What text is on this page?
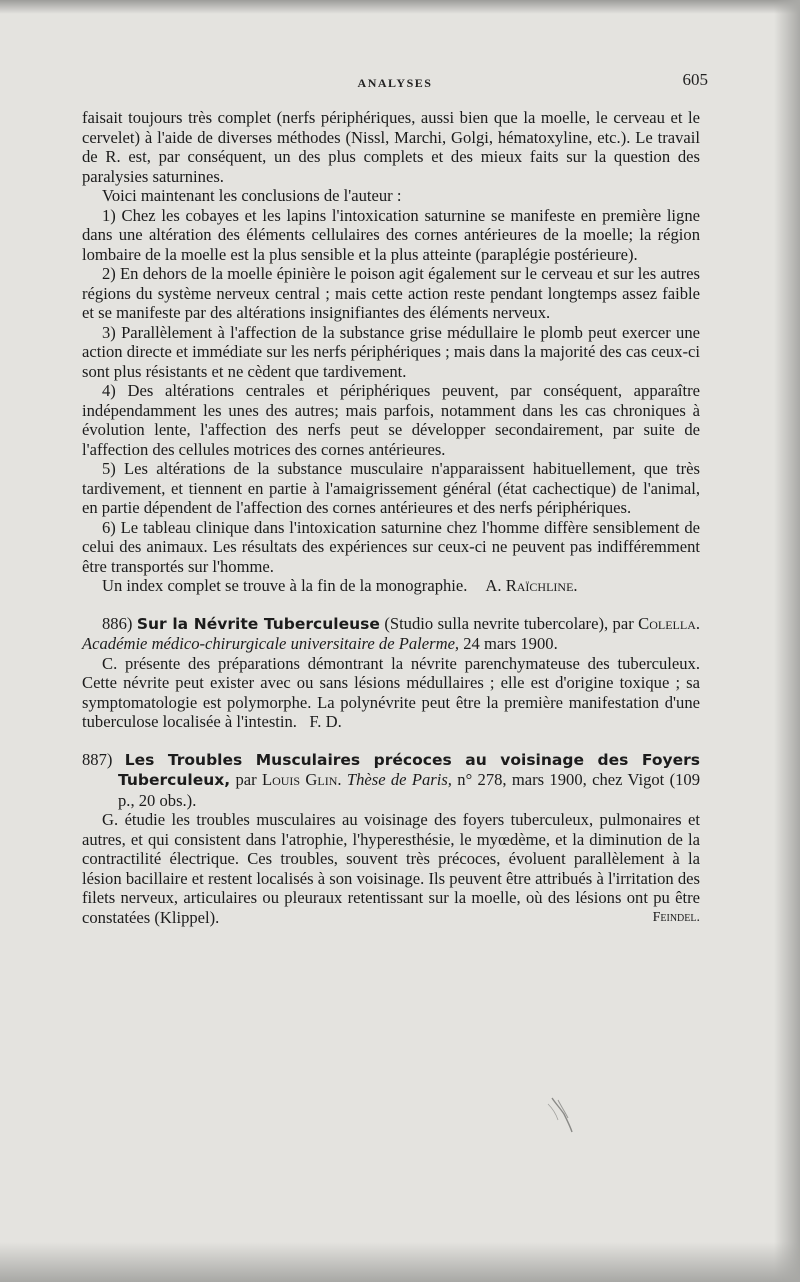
ANALYSES	605

faisait toujours très complet (nerfs périphériques, aussi bien que la moelle, le cerveau et le cervelet) à l'aide de diverses méthodes (Nissl, Marchi, Golgi, hématoxyline, etc.). Le travail de R. est, par conséquent, un des plus complets et des mieux faits sur la question des paralysies saturnines.

Voici maintenant les conclusions de l'auteur :

1) Chez les cobayes et les lapins l'intoxication saturnine se manifeste en première ligne dans une altération des éléments cellulaires des cornes antérieures de la moelle; la région lombaire de la moelle est la plus sensible et la plus atteinte (paraplégie postérieure).

2) En dehors de la moelle épinière le poison agit également sur le cerveau et sur les autres régions du système nerveux central ; mais cette action reste pendant longtemps assez faible et se manifeste par des altérations insignifiantes des éléments nerveux.

3) Parallèlement à l'affection de la substance grise médullaire le plomb peut exercer une action directe et immédiate sur les nerfs périphériques ; mais dans la majorité des cas ceux-ci sont plus résistants et ne cèdent que tardivement.

4) Des altérations centrales et périphériques peuvent, par conséquent, apparaître indépendamment les unes des autres; mais parfois, notamment dans les cas chroniques à évolution lente, l'affection des nerfs peut se développer secondairement, par suite de l'affection des cellules motrices des cornes antérieures.

5) Les altérations de la substance musculaire n'apparaissent habituellement, que très tardivement, et tiennent en partie à l'amaigrissement général (état cachectique) de l'animal, en partie dépendent de l'affection des cornes antérieures et des nerfs périphériques.

6) Le tableau clinique dans l'intoxication saturnine chez l'homme diffère sensiblement de celui des animaux. Les résultats des expériences sur ceux-ci ne peuvent pas indifféremment être transportés sur l'homme.

Un index complet se trouve à la fin de la monographie. A. Raïchline.

886) Sur la Névrite Tuberculeuse (Studio sulla nevrite tubercolare), par Colella. Académie médico-chirurgicale universitaire de Palerme, 24 mars 1900.

C. présente des préparations démontrant la névrite parenchymateuse des tuberculeux. Cette névrite peut exister avec ou sans lésions médullaires ; elle est d'origine toxique ; sa symptomatologie est polymorphe. La polynévrite peut être la première manifestation d'une tuberculose localisée à l'intestin. F. D.

887) Les Troubles Musculaires précoces au voisinage des Foyers Tuberculeux, par Louis Glin. Thèse de Paris, n° 278, mars 1900, chez Vigot (109 p., 20 obs.).

G. étudie les troubles musculaires au voisinage des foyers tuberculeux, pulmonaires et autres, et qui consistent dans l'atrophie, l'hyperesthésie, le myœdème, et la diminution de la contractilité électrique. Ces troubles, souvent très précoces, évoluent parallèlement à la lésion bacillaire et restent localisés à son voisinage. Ils peuvent être attribués à l'irritation des filets nerveux, articulaires ou pleuraux retentissant sur la moelle, où des lésions ont pu être constatées (Klippel).	Feindel.
